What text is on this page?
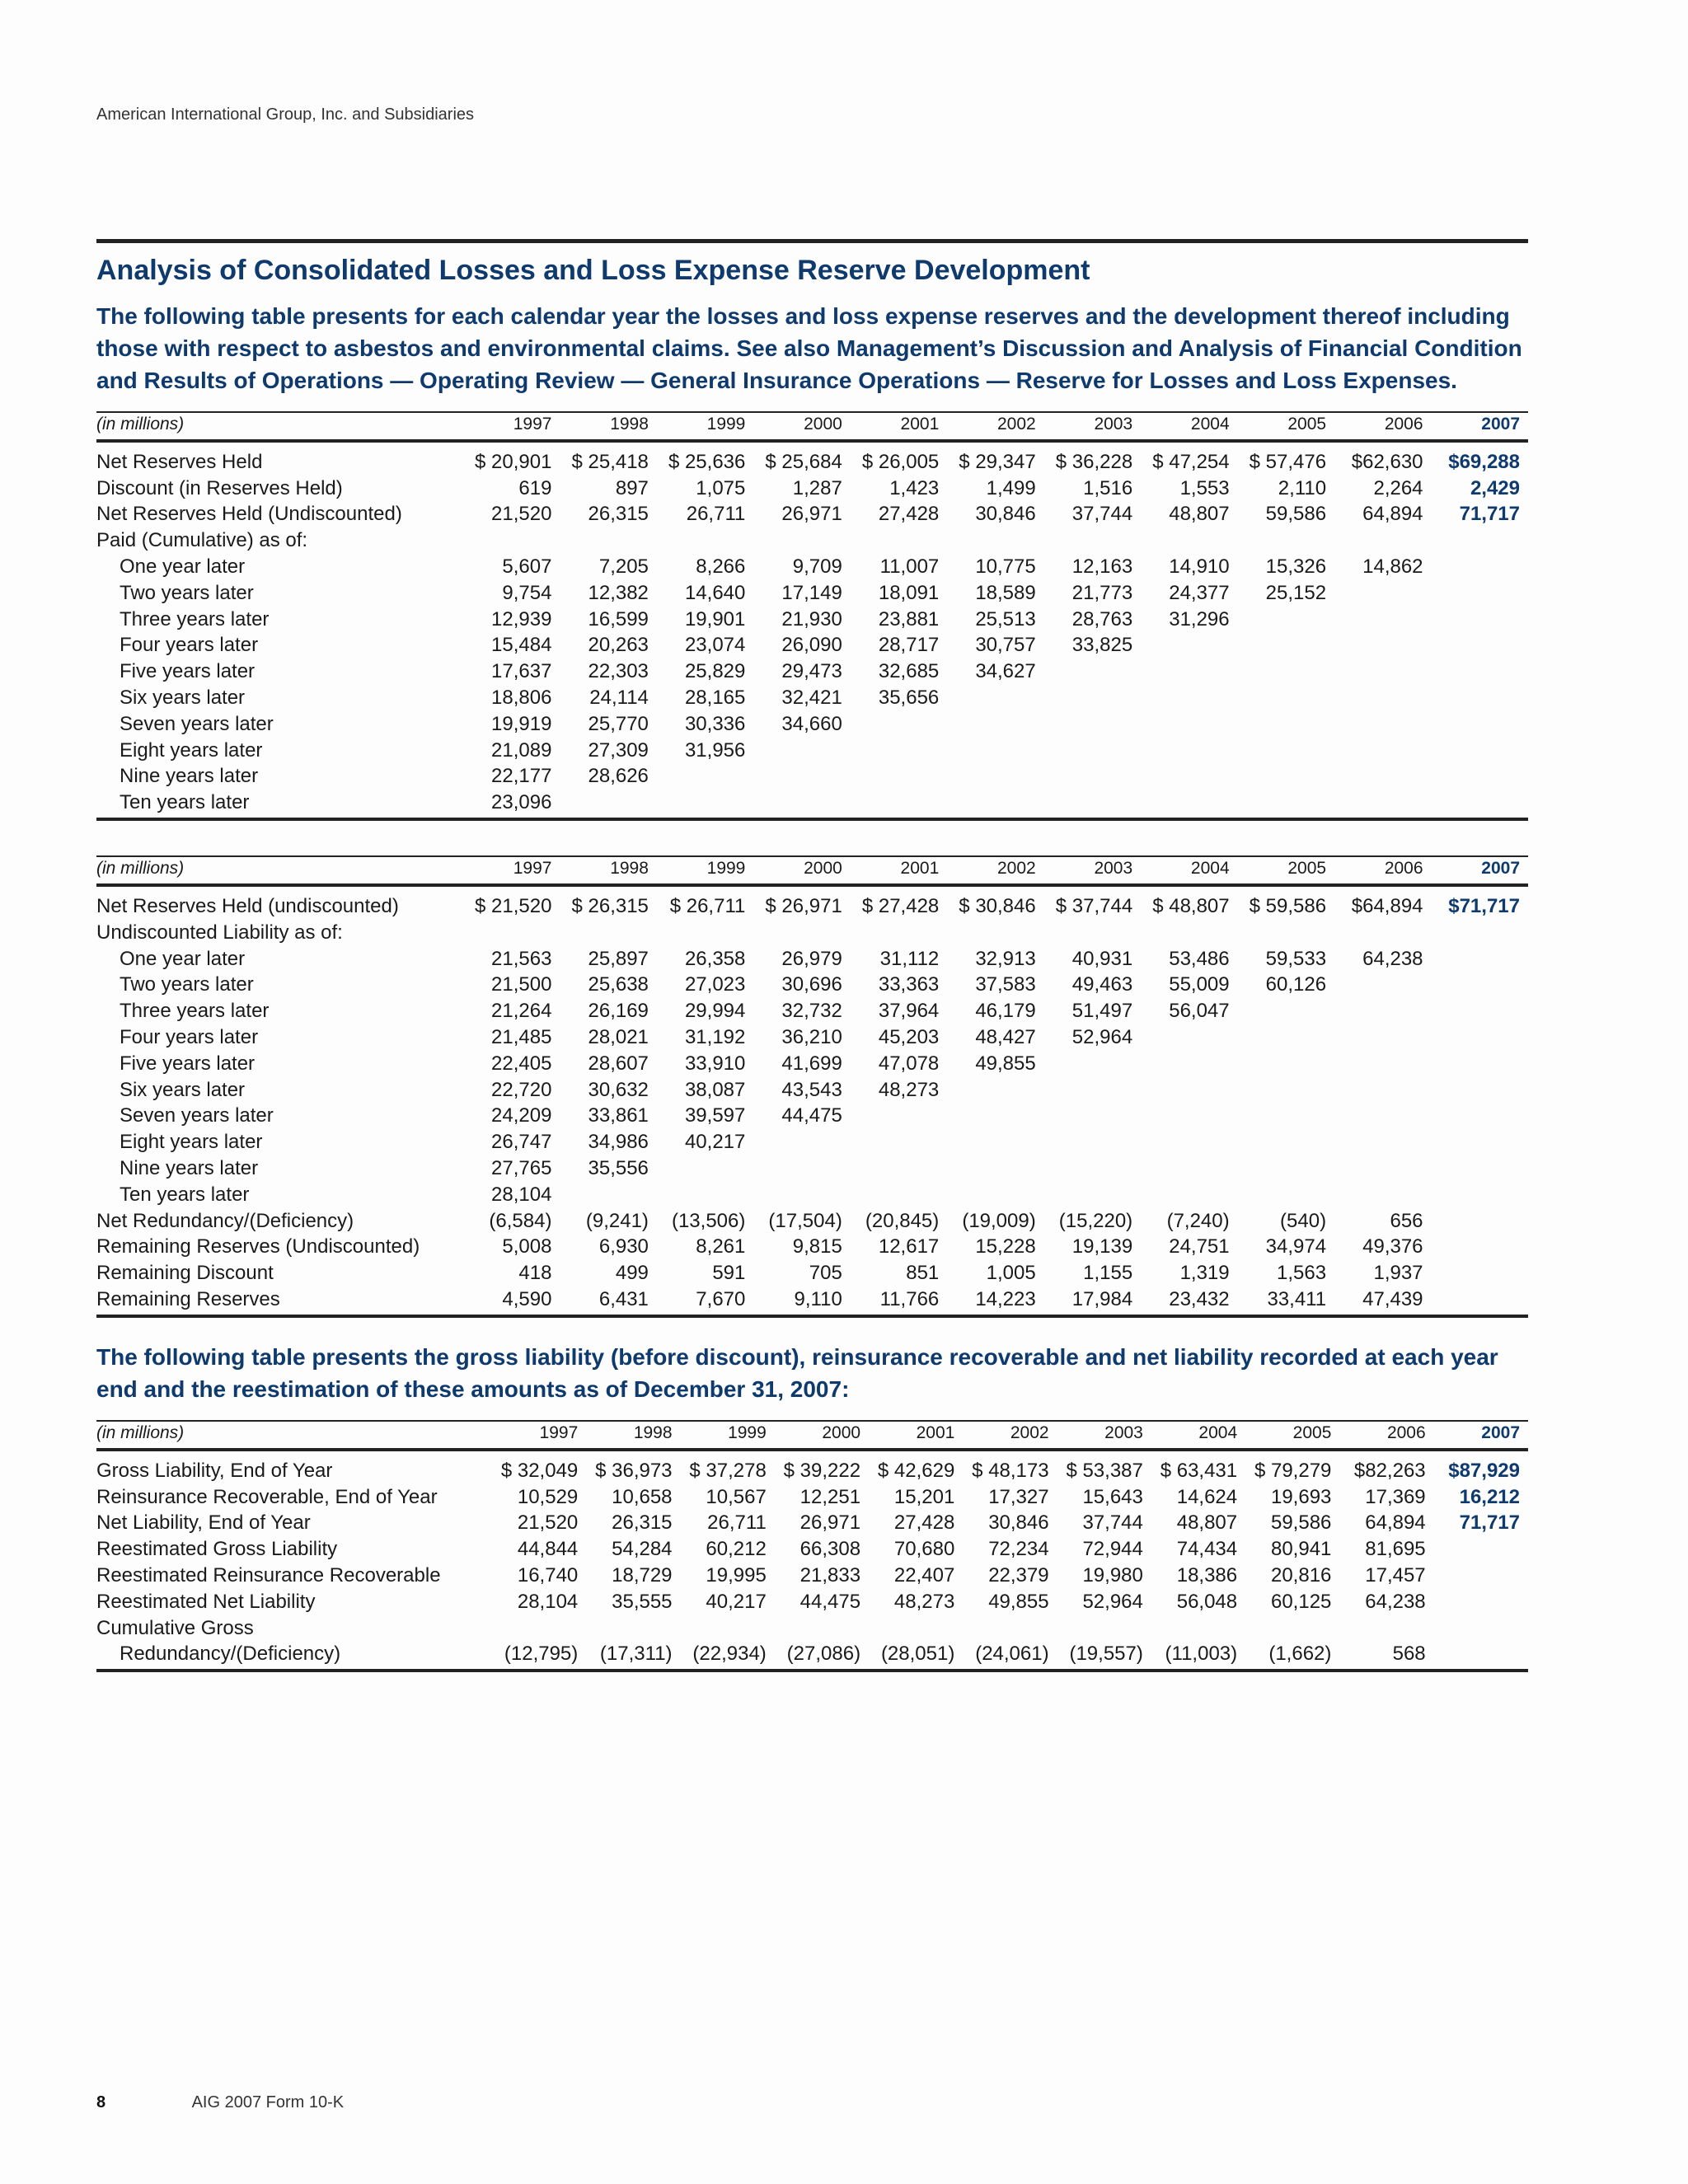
American International Group, Inc. and Subsidiaries
Analysis of Consolidated Losses and Loss Expense Reserve Development
The following table presents for each calendar year the losses and loss expense reserves and the development thereof including those with respect to asbestos and environmental claims. See also Management’s Discussion and Analysis of Financial Condition and Results of Operations — Operating Review — General Insurance Operations — Reserve for Losses and Loss Expenses.
(in millions)	1997	1998	1999	2000	2001	2002	2003	2004	2005	2006	2007
Net Reserves Held	$ 20,901	$ 25,418	$ 25,636	$ 25,684	$ 26,005	$ 29,347	$ 36,228	$ 47,254	$ 57,476	$62,630	$69,288
Discount (in Reserves Held)	619	897	1,075	1,287	1,423	1,499	1,516	1,553	2,110	2,264	2,429
Net Reserves Held (Undiscounted)	21,520	26,315	26,711	26,971	27,428	30,846	37,744	48,807	59,586	64,894	71,717
Paid (Cumulative) as of:											
One year later	5,607	7,205	8,266	9,709	11,007	10,775	12,163	14,910	15,326	14,862	
Two years later	9,754	12,382	14,640	17,149	18,091	18,589	21,773	24,377	25,152		
Three years later	12,939	16,599	19,901	21,930	23,881	25,513	28,763	31,296			
Four years later	15,484	20,263	23,074	26,090	28,717	30,757	33,825				
Five years later	17,637	22,303	25,829	29,473	32,685	34,627					
Six years later	18,806	24,114	28,165	32,421	35,656						
Seven years later	19,919	25,770	30,336	34,660							
Eight years later	21,089	27,309	31,956								
Nine years later	22,177	28,626									
Ten years later	23,096										
(in millions)	1997	1998	1999	2000	2001	2002	2003	2004	2005	2006	2007
Net Reserves Held (undiscounted)	$ 21,520	$ 26,315	$ 26,711	$ 26,971	$ 27,428	$ 30,846	$ 37,744	$ 48,807	$ 59,586	$64,894	$71,717
Undiscounted Liability as of:											
One year later	21,563	25,897	26,358	26,979	31,112	32,913	40,931	53,486	59,533	64,238	
Two years later	21,500	25,638	27,023	30,696	33,363	37,583	49,463	55,009	60,126		
Three years later	21,264	26,169	29,994	32,732	37,964	46,179	51,497	56,047			
Four years later	21,485	28,021	31,192	36,210	45,203	48,427	52,964				
Five years later	22,405	28,607	33,910	41,699	47,078	49,855					
Six years later	22,720	30,632	38,087	43,543	48,273						
Seven years later	24,209	33,861	39,597	44,475							
Eight years later	26,747	34,986	40,217								
Nine years later	27,765	35,556									
Ten years later	28,104										
Net Redundancy/(Deficiency)	(6,584)	(9,241)	(13,506)	(17,504)	(20,845)	(19,009)	(15,220)	(7,240)	(540)	656	
Remaining Reserves (Undiscounted)	5,008	6,930	8,261	9,815	12,617	15,228	19,139	24,751	34,974	49,376	
Remaining Discount	418	499	591	705	851	1,005	1,155	1,319	1,563	1,937	
Remaining Reserves	4,590	6,431	7,670	9,110	11,766	14,223	17,984	23,432	33,411	47,439	
The following table presents the gross liability (before discount), reinsurance recoverable and net liability recorded at each year end and the reestimation of these amounts as of December 31, 2007:
(in millions)	1997	1998	1999	2000	2001	2002	2003	2004	2005	2006	2007
Gross Liability, End of Year	$ 32,049	$ 36,973	$ 37,278	$ 39,222	$ 42,629	$ 48,173	$ 53,387	$ 63,431	$ 79,279	$82,263	$87,929
Reinsurance Recoverable, End of Year	10,529	10,658	10,567	12,251	15,201	17,327	15,643	14,624	19,693	17,369	16,212
Net Liability, End of Year	21,520	26,315	26,711	26,971	27,428	30,846	37,744	48,807	59,586	64,894	71,717
Reestimated Gross Liability	44,844	54,284	60,212	66,308	70,680	72,234	72,944	74,434	80,941	81,695	
Reestimated Reinsurance Recoverable	16,740	18,729	19,995	21,833	22,407	22,379	19,980	18,386	20,816	17,457	
Reestimated Net Liability	28,104	35,555	40,217	44,475	48,273	49,855	52,964	56,048	60,125	64,238	
Cumulative Gross											
Redundancy/(Deficiency)	(12,795)	(17,311)	(22,934)	(27,086)	(28,051)	(24,061)	(19,557)	(11,003)	(1,662)	568	
8	AIG 2007 Form 10-K
